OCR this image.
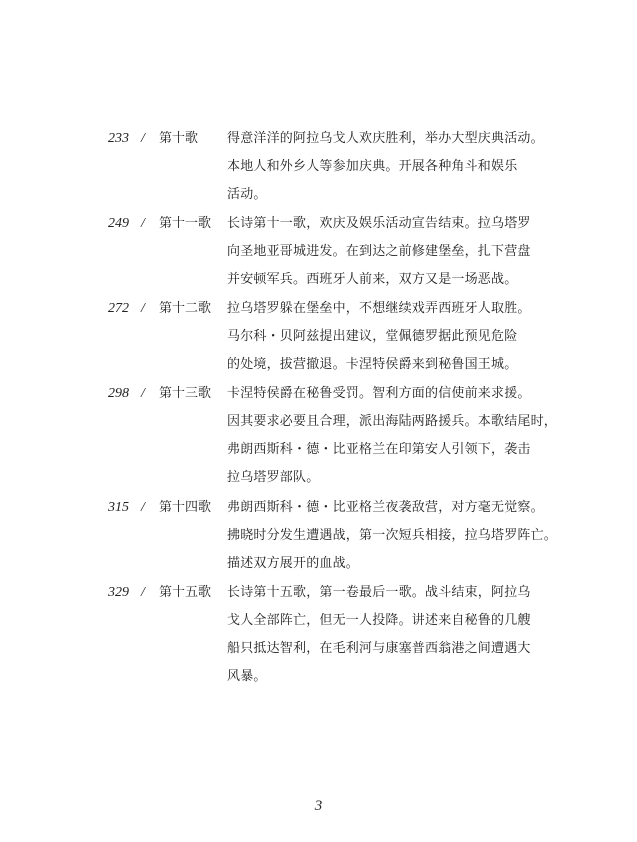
233 /	第十歌	得意洋洋的阿拉乌戈人欢庆胜利，举办大型庆典活动。
本地人和外乡人等参加庆典。开展各种角斗和娱乐
活动。
249 /	第十一歌	长诗第十一歌，欢庆及娱乐活动宣告结束。拉乌塔罗
向圣地亚哥城进发。在到达之前修建堡垒，扎下营盘
并安顿军兵。西班牙人前来，双方又是一场恶战。
272 /	第十二歌	拉乌塔罗躲在堡垒中，不想继续戏弄西班牙人取胜。
马尔科・贝阿兹提出建议，堂佩德罗据此预见危险
的处境，拔营撤退。卡涅特侯爵来到秘鲁国王城。
298 /	第十三歌	卡涅特侯爵在秘鲁受罚。智利方面的信使前来求援。
因其要求必要且合理，派出海陆两路援兵。本歌结尾时，
弗朗西斯科・德・比亚格兰在印第安人引领下，袭击
拉乌塔罗部队。
315 /	第十四歌	弗朗西斯科・德・比亚格兰夜袭敌营，对方毫无觉察。
拂晓时分发生遭遇战，第一次短兵相接，拉乌塔罗阵亡。
描述双方展开的血战。
329 /	第十五歌	长诗第十五歌，第一卷最后一歌。战斗结束，阿拉乌
戈人全部阵亡，但无一人投降。讲述来自秘鲁的几艘
船只抵达智利，在毛利河与康塞普西翁港之间遭遇大
风暴。
3
